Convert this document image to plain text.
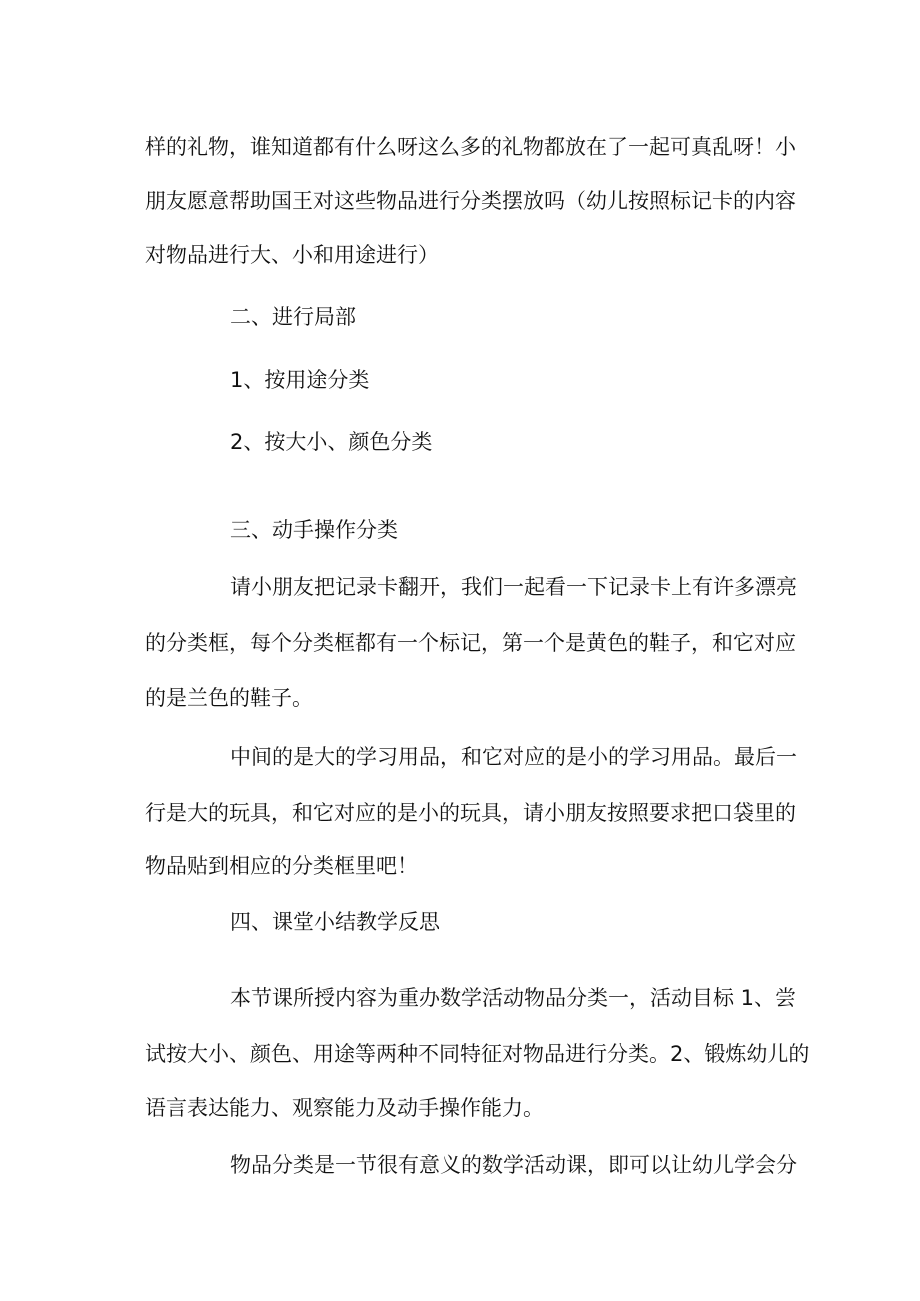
样的礼物，谁知道都有什么呀这么多的礼物都放在了一起可真乱呀！小
朋友愿意帮助国王对这些物品进行分类摆放吗（幼儿按照标记卡的内容
对物品进行大、小和用途进行）
二、进行局部
1、按用途分类
2、按大小、颜色分类
三、动手操作分类
请小朋友把记录卡翻开，我们一起看一下记录卡上有许多漂亮
的分类框，每个分类框都有一个标记，第一个是黄色的鞋子，和它对应
的是兰色的鞋子。
中间的是大的学习用品，和它对应的是小的学习用品。最后一
行是大的玩具，和它对应的是小的玩具，请小朋友按照要求把口袋里的
物品贴到相应的分类框里吧！
四、课堂小结教学反思
本节课所授内容为重办数学活动物品分类一，活动目标 1、尝
试按大小、颜色、用途等两种不同特征对物品进行分类。2、锻炼幼儿的
语言表达能力、观察能力及动手操作能力。
物品分类是一节很有意义的数学活动课，即可以让幼儿学会分
